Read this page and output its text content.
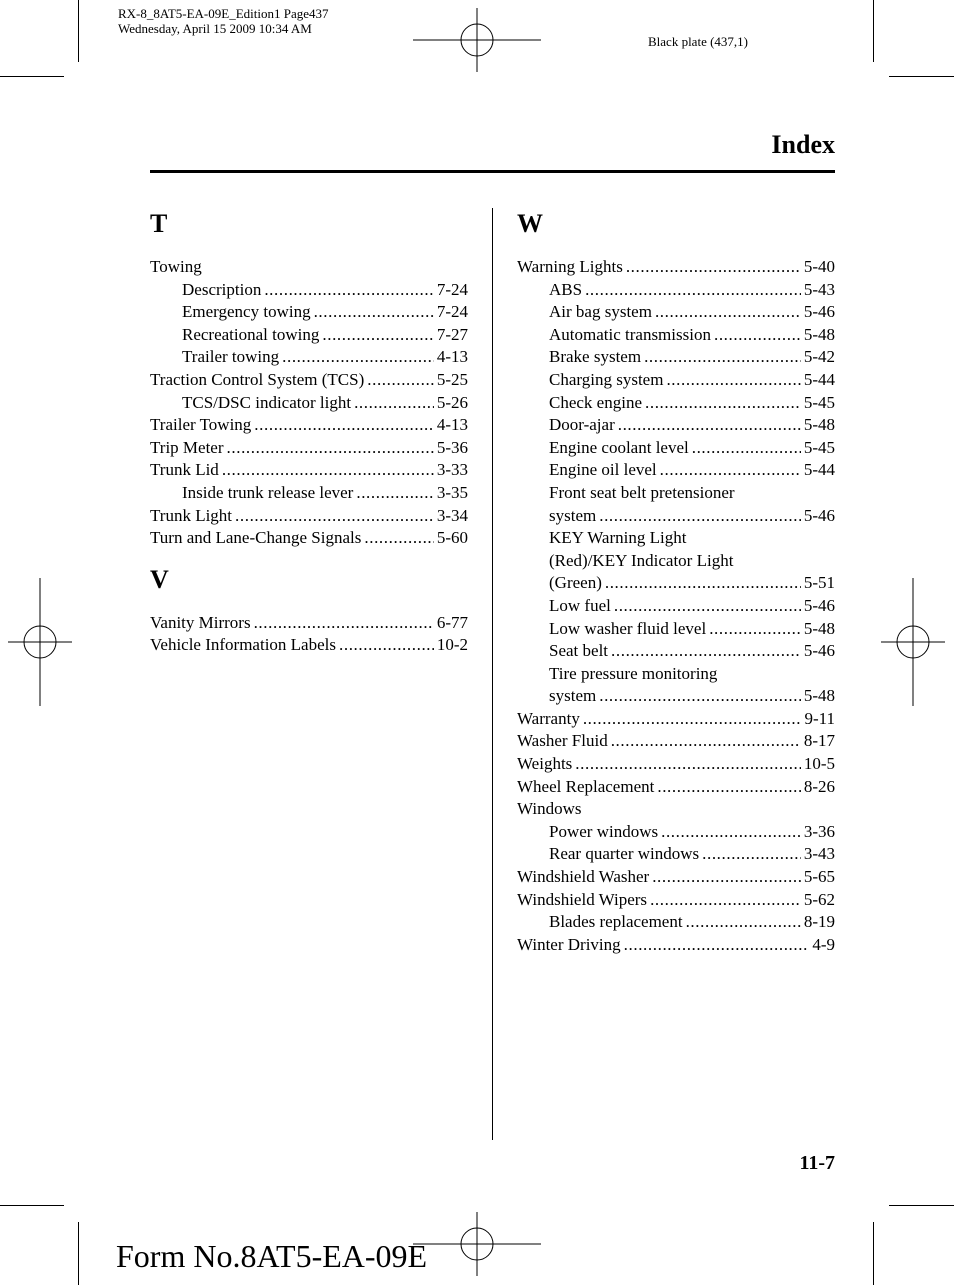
RX-8_8AT5-EA-09E_Edition1 Page437
Wednesday, April 15 2009 10:34 AM
Black plate (437,1)
Index
T
Towing
Description .....	7-24
Emergency towing .....	7-24
Recreational towing .....	7-27
Trailer towing .....	4-13
Traction Control System (TCS) .....	5-25
TCS/DSC indicator light .....	5-26
Trailer Towing .....	4-13
Trip Meter .....	5-36
Trunk Lid .....	3-33
Inside trunk release lever .....	3-35
Trunk Light .....	3-34
Turn and Lane-Change Signals .....	5-60
V
Vanity Mirrors .....	6-77
Vehicle Information Labels .....	10-2
W
Warning Lights .....	5-40
ABS .....	5-43
Air bag system .....	5-46
Automatic transmission .....	5-48
Brake system .....	5-42
Charging system .....	5-44
Check engine .....	5-45
Door-ajar .....	5-48
Engine coolant level .....	5-45
Engine oil level .....	5-44
Front seat belt pretensioner
system .....	5-46
KEY Warning Light
(Red)/KEY Indicator Light
(Green) .....	5-51
Low fuel .....	5-46
Low washer fluid level .....	5-48
Seat belt .....	5-46
Tire pressure monitoring
system .....	5-48
Warranty .....	9-11
Washer Fluid .....	8-17
Weights .....	10-5
Wheel Replacement .....	8-26
Windows
Power windows .....	3-36
Rear quarter windows .....	3-43
Windshield Washer .....	5-65
Windshield Wipers .....	5-62
Blades replacement .....	8-19
Winter Driving .....	4-9
11-7
Form No.8AT5-EA-09E
